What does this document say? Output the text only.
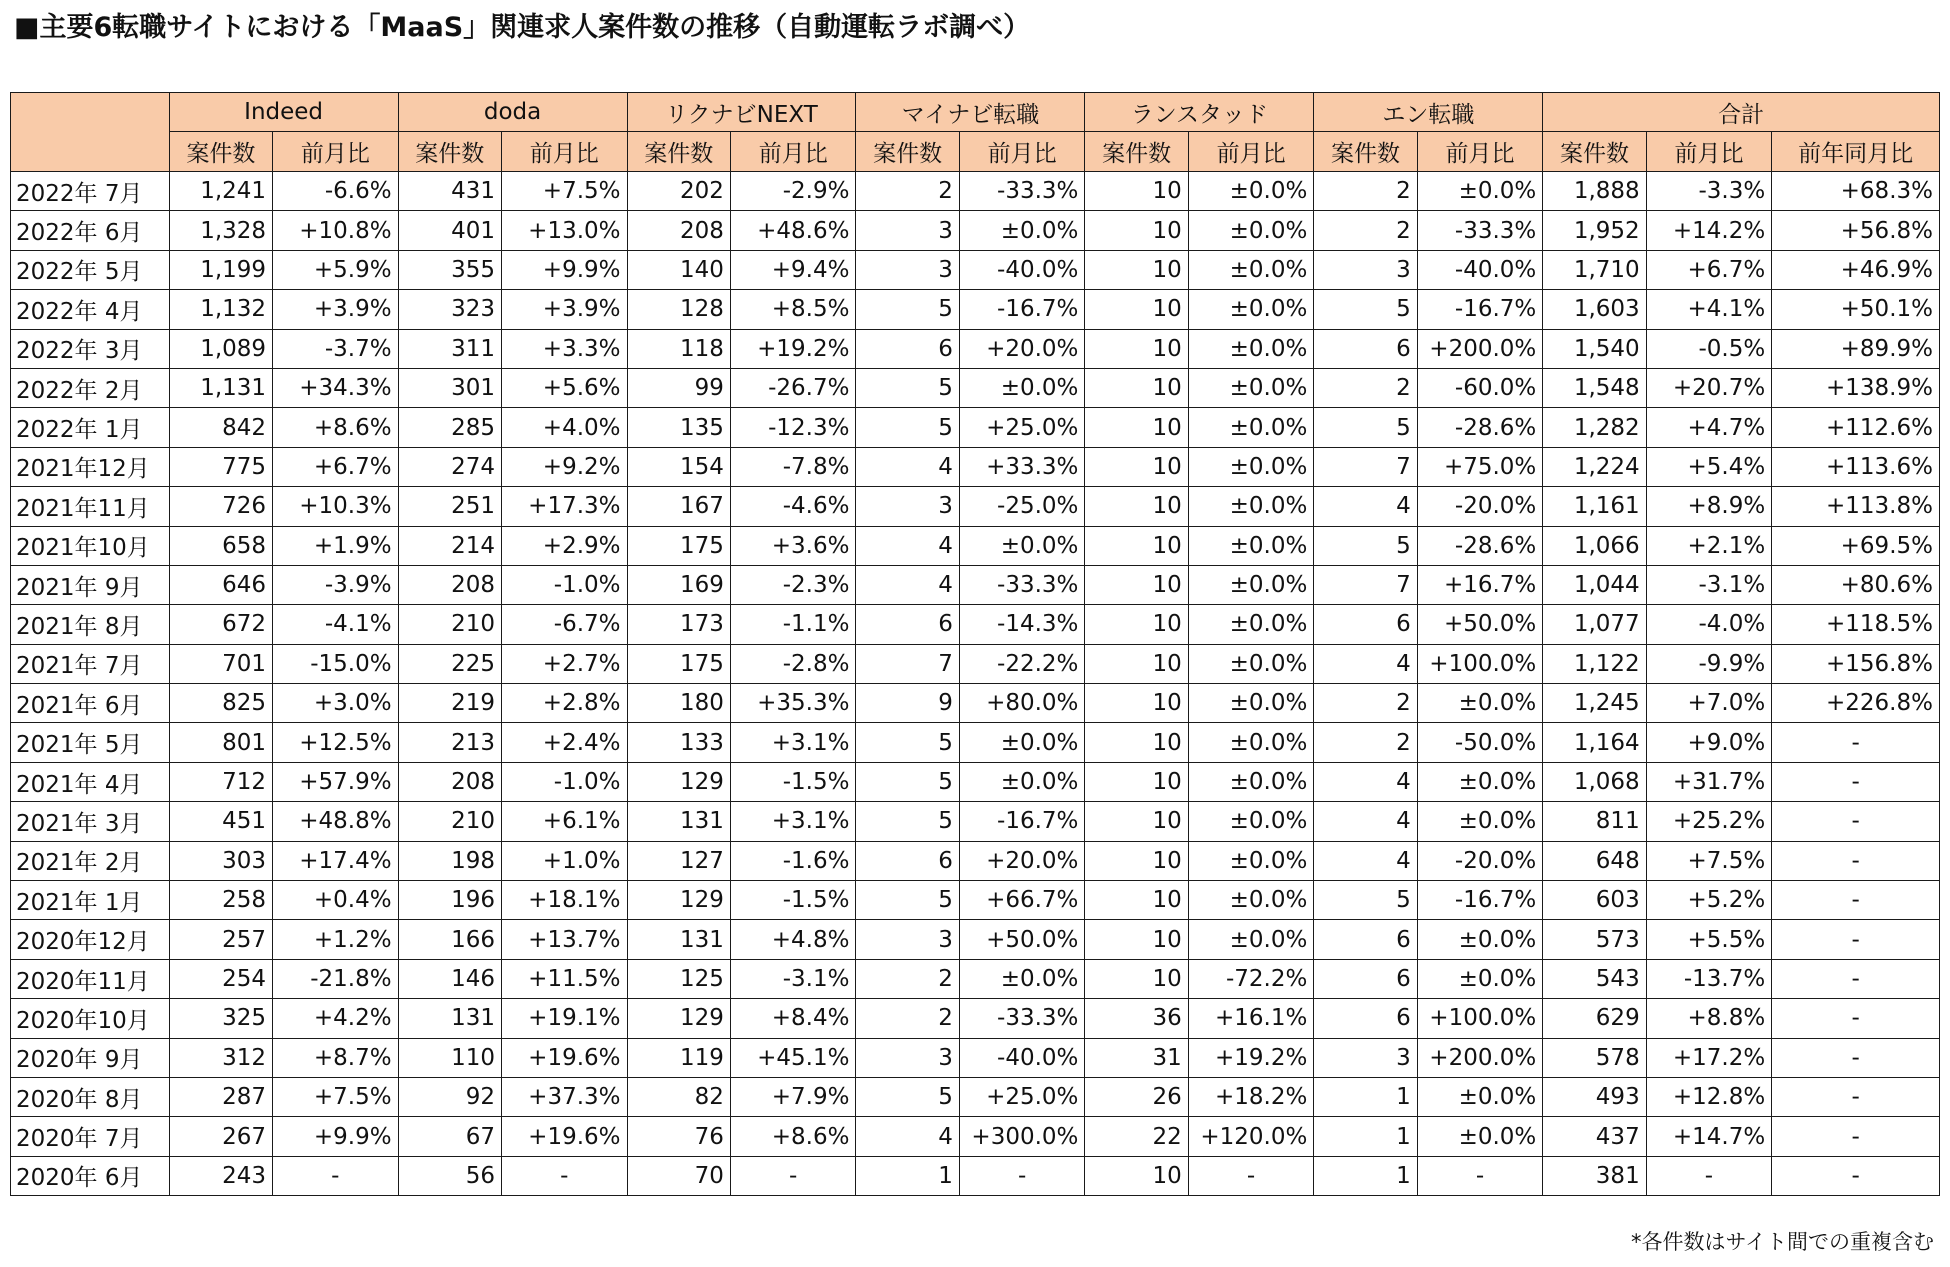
■主要6転職サイトにおける「MaaS」関連求人案件数の推移（自動運転ラボ調べ）
	Indeed		doda		リクナビNEXT		マイナビ転職		ランスタッド		エン転職		合計		
	案件数	前月比	案件数	前月比	案件数	前月比	案件数	前月比	案件数	前月比	案件数	前月比	案件数	前月比	前年同月比
2022年 7月	1,241	-6.6%	431	+7.5%	202	-2.9%	2	-33.3%	10	±0.0%	2	±0.0%	1,888	-3.3%	+68.3%
2022年 6月	1,328	+10.8%	401	+13.0%	208	+48.6%	3	±0.0%	10	±0.0%	2	-33.3%	1,952	+14.2%	+56.8%
2022年 5月	1,199	+5.9%	355	+9.9%	140	+9.4%	3	-40.0%	10	±0.0%	3	-40.0%	1,710	+6.7%	+46.9%
2022年 4月	1,132	+3.9%	323	+3.9%	128	+8.5%	5	-16.7%	10	±0.0%	5	-16.7%	1,603	+4.1%	+50.1%
2022年 3月	1,089	-3.7%	311	+3.3%	118	+19.2%	6	+20.0%	10	±0.0%	6	+200.0%	1,540	-0.5%	+89.9%
2022年 2月	1,131	+34.3%	301	+5.6%	99	-26.7%	5	±0.0%	10	±0.0%	2	-60.0%	1,548	+20.7%	+138.9%
2022年 1月	842	+8.6%	285	+4.0%	135	-12.3%	5	+25.0%	10	±0.0%	5	-28.6%	1,282	+4.7%	+112.6%
2021年12月	775	+6.7%	274	+9.2%	154	-7.8%	4	+33.3%	10	±0.0%	7	+75.0%	1,224	+5.4%	+113.6%
2021年11月	726	+10.3%	251	+17.3%	167	-4.6%	3	-25.0%	10	±0.0%	4	-20.0%	1,161	+8.9%	+113.8%
2021年10月	658	+1.9%	214	+2.9%	175	+3.6%	4	±0.0%	10	±0.0%	5	-28.6%	1,066	+2.1%	+69.5%
2021年 9月	646	-3.9%	208	-1.0%	169	-2.3%	4	-33.3%	10	±0.0%	7	+16.7%	1,044	-3.1%	+80.6%
2021年 8月	672	-4.1%	210	-6.7%	173	-1.1%	6	-14.3%	10	±0.0%	6	+50.0%	1,077	-4.0%	+118.5%
2021年 7月	701	-15.0%	225	+2.7%	175	-2.8%	7	-22.2%	10	±0.0%	4	+100.0%	1,122	-9.9%	+156.8%
2021年 6月	825	+3.0%	219	+2.8%	180	+35.3%	9	+80.0%	10	±0.0%	2	±0.0%	1,245	+7.0%	+226.8%
2021年 5月	801	+12.5%	213	+2.4%	133	+3.1%	5	±0.0%	10	±0.0%	2	-50.0%	1,164	+9.0%	-
2021年 4月	712	+57.9%	208	-1.0%	129	-1.5%	5	±0.0%	10	±0.0%	4	±0.0%	1,068	+31.7%	-
2021年 3月	451	+48.8%	210	+6.1%	131	+3.1%	5	-16.7%	10	±0.0%	4	±0.0%	811	+25.2%	-
2021年 2月	303	+17.4%	198	+1.0%	127	-1.6%	6	+20.0%	10	±0.0%	4	-20.0%	648	+7.5%	-
2021年 1月	258	+0.4%	196	+18.1%	129	-1.5%	5	+66.7%	10	±0.0%	5	-16.7%	603	+5.2%	-
2020年12月	257	+1.2%	166	+13.7%	131	+4.8%	3	+50.0%	10	±0.0%	6	±0.0%	573	+5.5%	-
2020年11月	254	-21.8%	146	+11.5%	125	-3.1%	2	±0.0%	10	-72.2%	6	±0.0%	543	-13.7%	-
2020年10月	325	+4.2%	131	+19.1%	129	+8.4%	2	-33.3%	36	+16.1%	6	+100.0%	629	+8.8%	-
2020年 9月	312	+8.7%	110	+19.6%	119	+45.1%	3	-40.0%	31	+19.2%	3	+200.0%	578	+17.2%	-
2020年 8月	287	+7.5%	92	+37.3%	82	+7.9%	5	+25.0%	26	+18.2%	1	±0.0%	493	+12.8%	-
2020年 7月	267	+9.9%	67	+19.6%	76	+8.6%	4	+300.0%	22	+120.0%	1	±0.0%	437	+14.7%	-
2020年 6月	243	-	56	-	70	-	1	-	10	-	1	-	381	-	-
*各件数はサイト間での重複含む
